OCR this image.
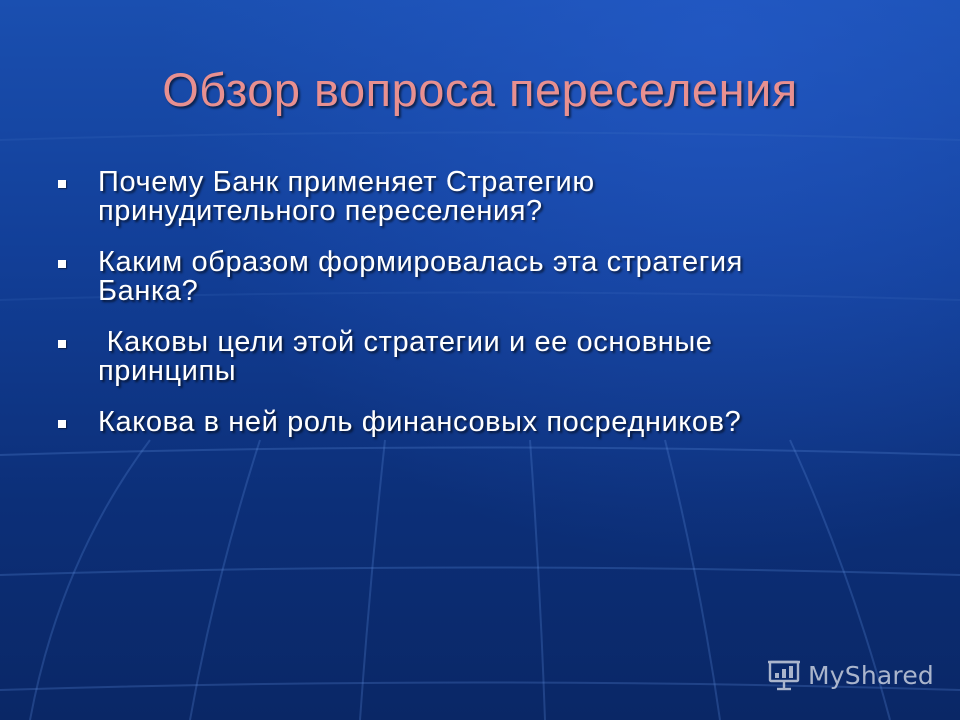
Обзор вопроса переселения
Почему Банк применяет Стратегию
принудительного переселения?
Каким образом формировалась эта стратегия
Банка?
Каковы цели этой стратегии и ее основные
принципы
Какова в ней роль финансовых посредников?
MyShared
